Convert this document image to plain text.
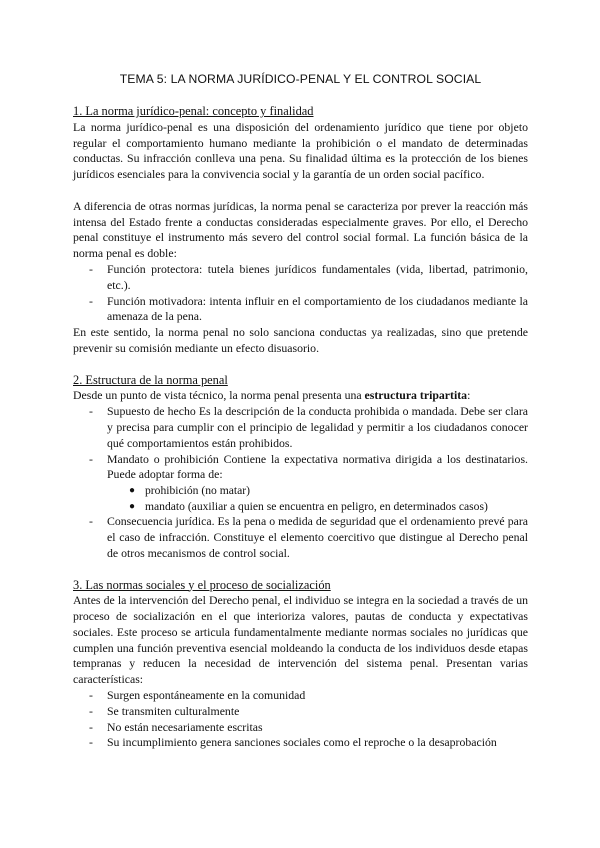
TEMA 5: LA NORMA JURÍDICO-PENAL Y EL CONTROL SOCIAL
1. La norma jurídico-penal: concepto y finalidad

La norma jurídico-penal es una disposición del ordenamiento jurídico que tiene por objeto regular el comportamiento humano mediante la prohibición o el mandato de determinadas conductas. Su infracción conlleva una pena. Su finalidad última es la protección de los bienes jurídicos esenciales para la convivencia social y la garantía de un orden social pacífico.

A diferencia de otras normas jurídicas, la norma penal se caracteriza por prever la reacción más intensa del Estado frente a conductas consideradas especialmente graves. Por ello, el Derecho penal constituye el instrumento más severo del control social formal. La función básica de la norma penal es doble:

- Función protectora: tutela bienes jurídicos fundamentales (vida, libertad, patrimonio, etc.).
- Función motivadora: intenta influir en el comportamiento de los ciudadanos mediante la amenaza de la pena.

En este sentido, la norma penal no solo sanciona conductas ya realizadas, sino que pretende prevenir su comisión mediante un efecto disuasorio.

2. Estructura de la norma penal

Desde un punto de vista técnico, la norma penal presenta una estructura tripartita:

- Supuesto de hecho Es la descripción de la conducta prohibida o mandada. Debe ser clara y precisa para cumplir con el principio de legalidad y permitir a los ciudadanos conocer qué comportamientos están prohibidos.
- Mandato o prohibición Contiene la expectativa normativa dirigida a los destinatarios. Puede adoptar forma de:
● prohibición (no matar)
● mandato (auxiliar a quien se encuentra en peligro, en determinados casos)
- Consecuencia jurídica. Es la pena o medida de seguridad que el ordenamiento prevé para el caso de infracción. Constituye el elemento coercitivo que distingue al Derecho penal de otros mecanismos de control social.
3. Las normas sociales y el proceso de socialización

Antes de la intervención del Derecho penal, el individuo se integra en la sociedad a través de un proceso de socialización en el que interioriza valores, pautas de conducta y expectativas sociales. Este proceso se articula fundamentalmente mediante normas sociales no jurídicas que cumplen una función preventiva esencial moldeando la conducta de los individuos desde etapas tempranas y reducen la necesidad de intervención del sistema penal. Presentan varias características:

- Surgen espontáneamente en la comunidad
- Se transmiten culturalmente
- No están necesariamente escritas
- Su incumplimiento genera sanciones sociales como el reproche o la desaprobación
